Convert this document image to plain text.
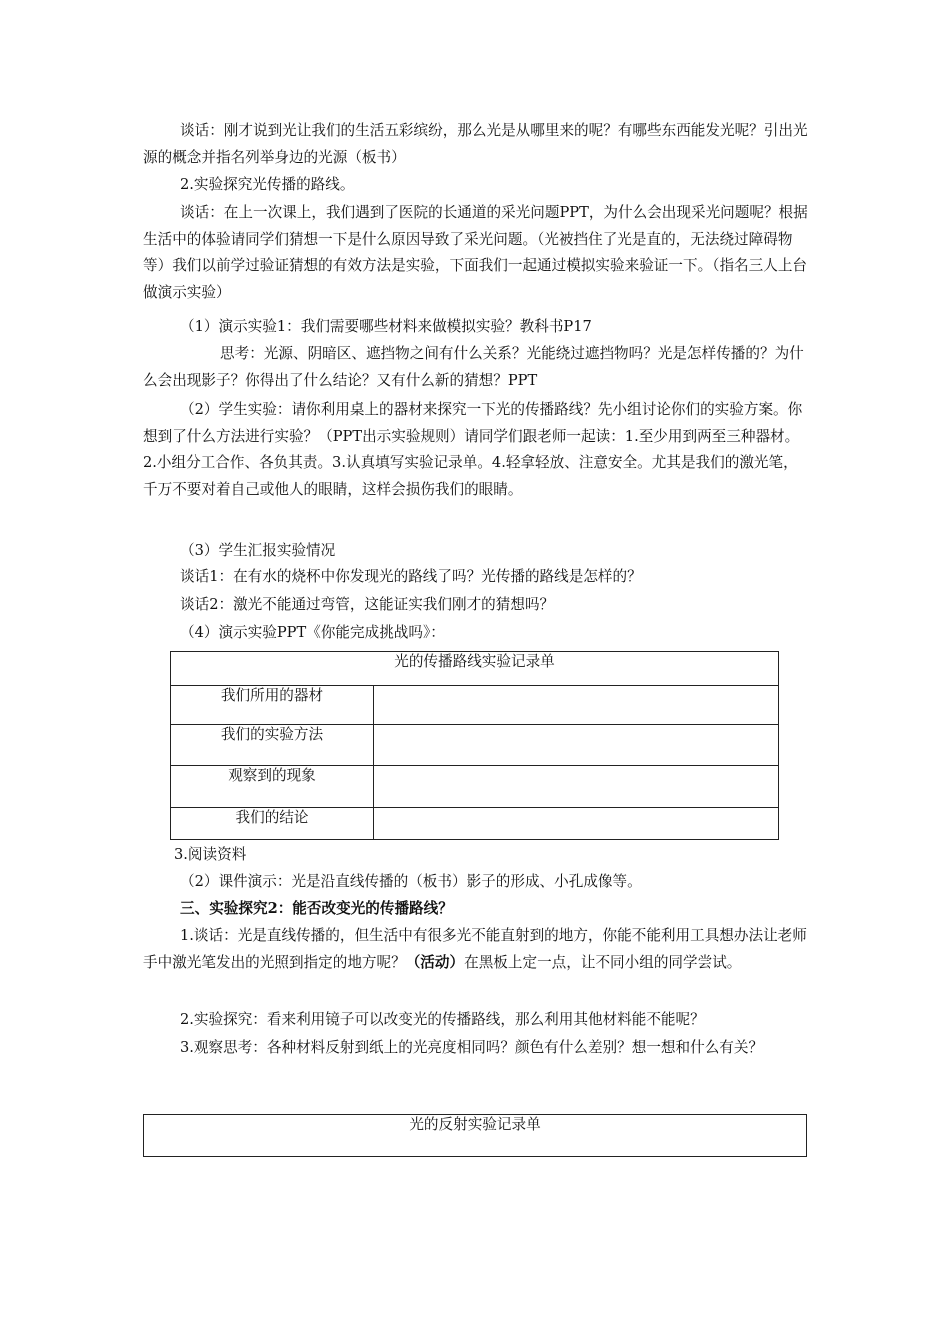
谈话：刚才说到光让我们的生活五彩缤纷，那么光是从哪里来的呢？有哪些东西能发光呢？引出光源的概念并指名列举身边的光源（板书）

2.实验探究光传播的路线。

谈话：在上一次课上，我们遇到了医院的长通道的采光问题PPT，为什么会出现采光问题呢？根据生活中的体验请同学们猜想一下是什么原因导致了采光问题。（光被挡住了光是直的，无法绕过障碍物等）我们以前学过验证猜想的有效方法是实验，下面我们一起通过模拟实验来验证一下。（指名三人上台做演示实验）

（1）演示实验1：我们需要哪些材料来做模拟实验？教科书P17

思考：光源、阴暗区、遮挡物之间有什么关系？光能绕过遮挡物吗？光是怎样传播的？为什么会出现影子？你得出了什么结论？又有什么新的猜想？PPT

（2）学生实验：请你利用桌上的器材来探究一下光的传播路线？先小组讨论你们的实验方案。你想到了什么方法进行实验？（PPT出示实验规则）请同学们跟老师一起读：1.至少用到两至三种器材。2.小组分工合作、各负其责。3.认真填写实验记录单。4.轻拿轻放、注意安全。尤其是我们的激光笔，千万不要对着自己或他人的眼睛，这样会损伤我们的眼睛。

（3）学生汇报实验情况

谈话1：在有水的烧杯中你发现光的路线了吗？光传播的路线是怎样的？

谈话2：激光不能通过弯管，这能证实我们刚才的猜想吗？

（4）演示实验PPT《你能完成挑战吗》：

光的传播路线实验记录单	
我们所用的器材	
我们的实验方法	
观察到的现象	
我们的结论	

3.阅读资料

（2）课件演示：光是沿直线传播的（板书）影子的形成、小孔成像等。

三、实验探究2：能否改变光的传播路线？

1.谈话：光是直线传播的，但生活中有很多光不能直射到的地方，你能不能利用工具想办法让老师手中激光笔发出的光照到指定的地方呢？（活动）在黑板上定一点，让不同小组的同学尝试。

2.实验探究：看来利用镜子可以改变光的传播路线，那么利用其他材料能不能呢？

3.观察思考：各种材料反射到纸上的光亮度相同吗？颜色有什么差别？想一想和什么有关？

光的反射实验记录单
